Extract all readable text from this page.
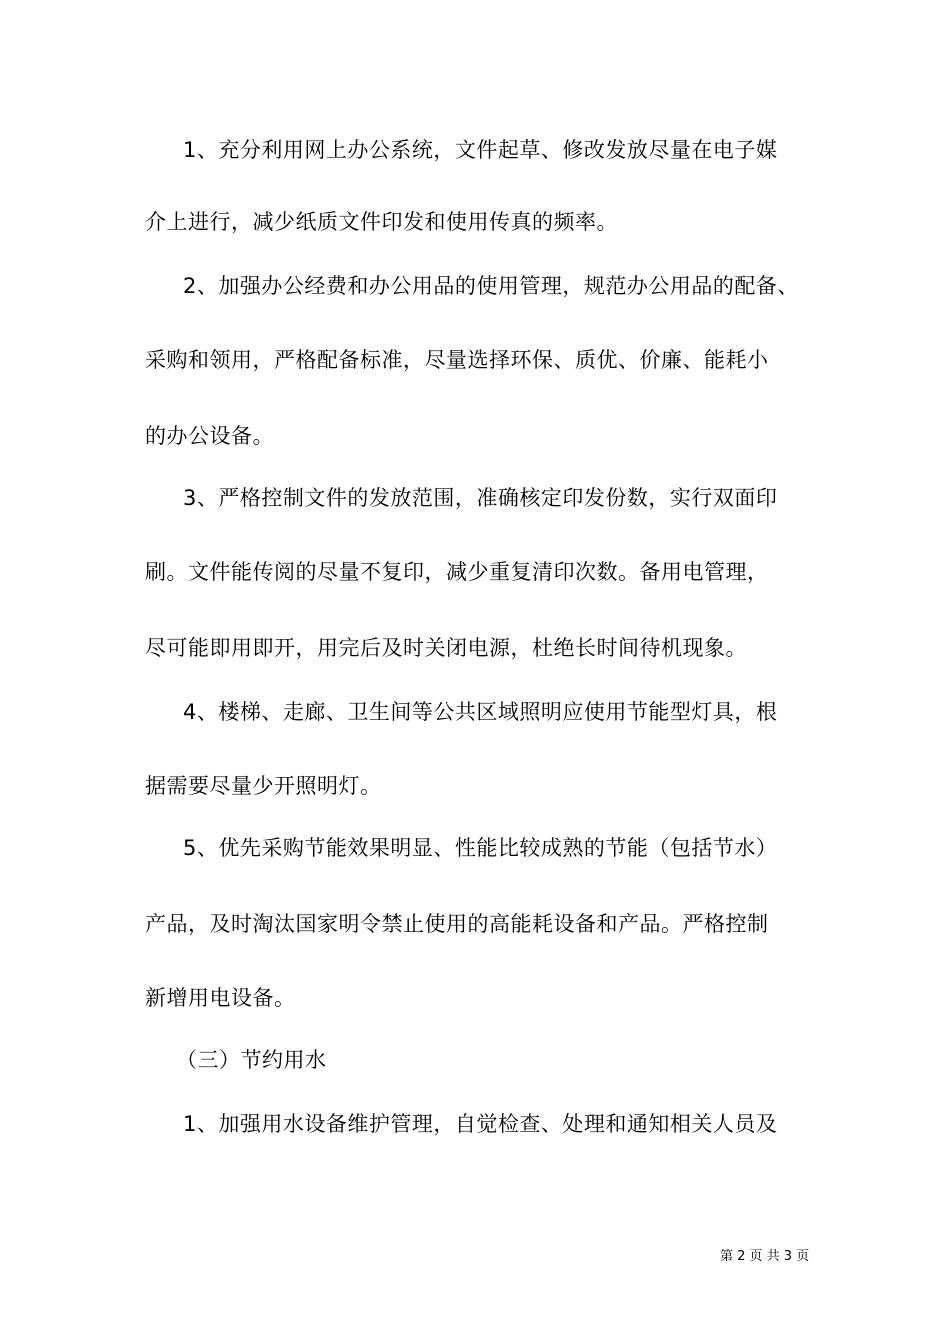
1、充分利用网上办公系统，文件起草、修改发放尽量在电子媒
介上进行，减少纸质文件印发和使用传真的频率。
2、加强办公经费和办公用品的使用管理，规范办公用品的配备、
采购和领用，严格配备标准，尽量选择环保、质优、价廉、能耗小
的办公设备。
3、严格控制文件的发放范围，准确核定印发份数，实行双面印
刷。文件能传阅的尽量不复印，减少重复清印次数。备用电管理，
尽可能即用即开，用完后及时关闭电源，杜绝长时间待机现象。
4、楼梯、走廊、卫生间等公共区域照明应使用节能型灯具，根
据需要尽量少开照明灯。
5、优先采购节能效果明显、性能比较成熟的节能（包括节水）
产品，及时淘汰国家明令禁止使用的高能耗设备和产品。严格控制
新增用电设备。
（三）节约用水
1、加强用水设备维护管理，自觉检查、处理和通知相关人员及
第 2 页 共 3 页
